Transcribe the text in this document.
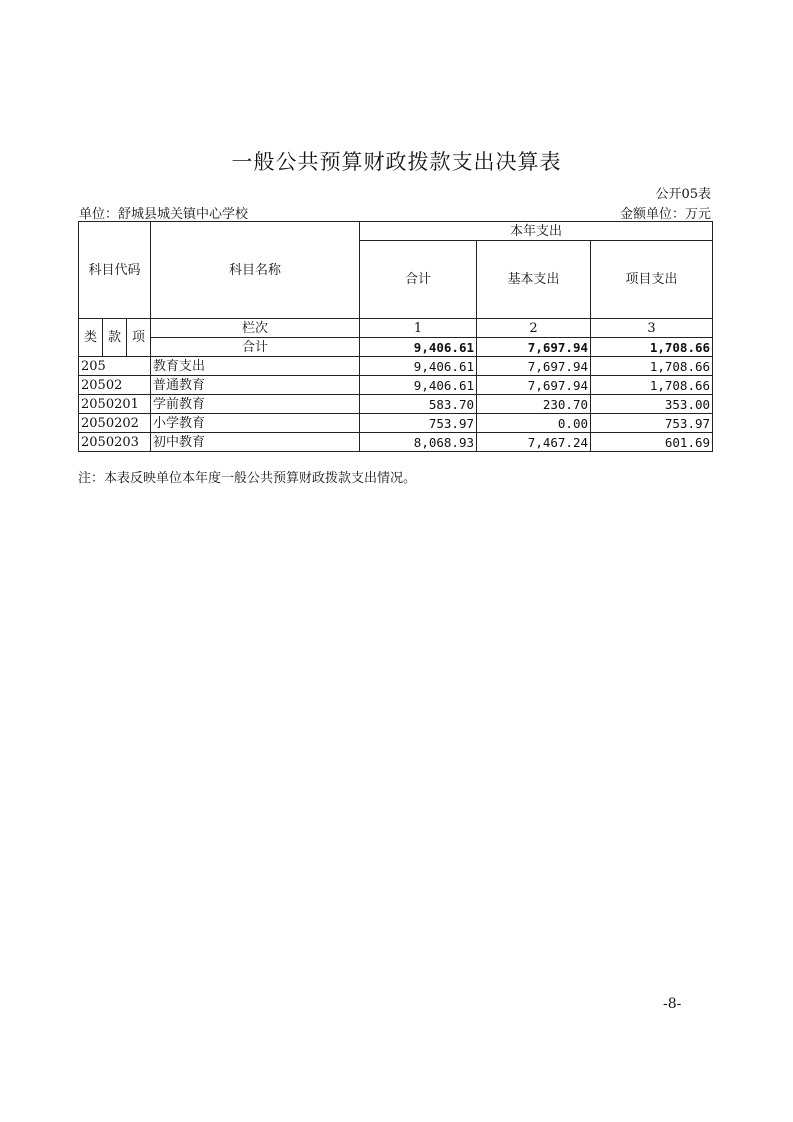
一般公共预算财政拨款支出决算表
公开05表
单位：舒城县城关镇中心学校	金额单位：万元
科目代码			科目名称	本年支出		
				合计	基本支出	项目支出
类	款	项	栏次	1	2	3
			合计	9,406.61	7,697.94	1,708.66
205			教育支出	9,406.61	7,697.94	1,708.66
20502			普通教育	9,406.61	7,697.94	1,708.66
2050201			学前教育	583.70	230.70	353.00
2050202			小学教育	753.97	0.00	753.97
2050203			初中教育	8,068.93	7,467.24	601.69
注：本表反映单位本年度一般公共预算财政拨款支出情况。
-8-
